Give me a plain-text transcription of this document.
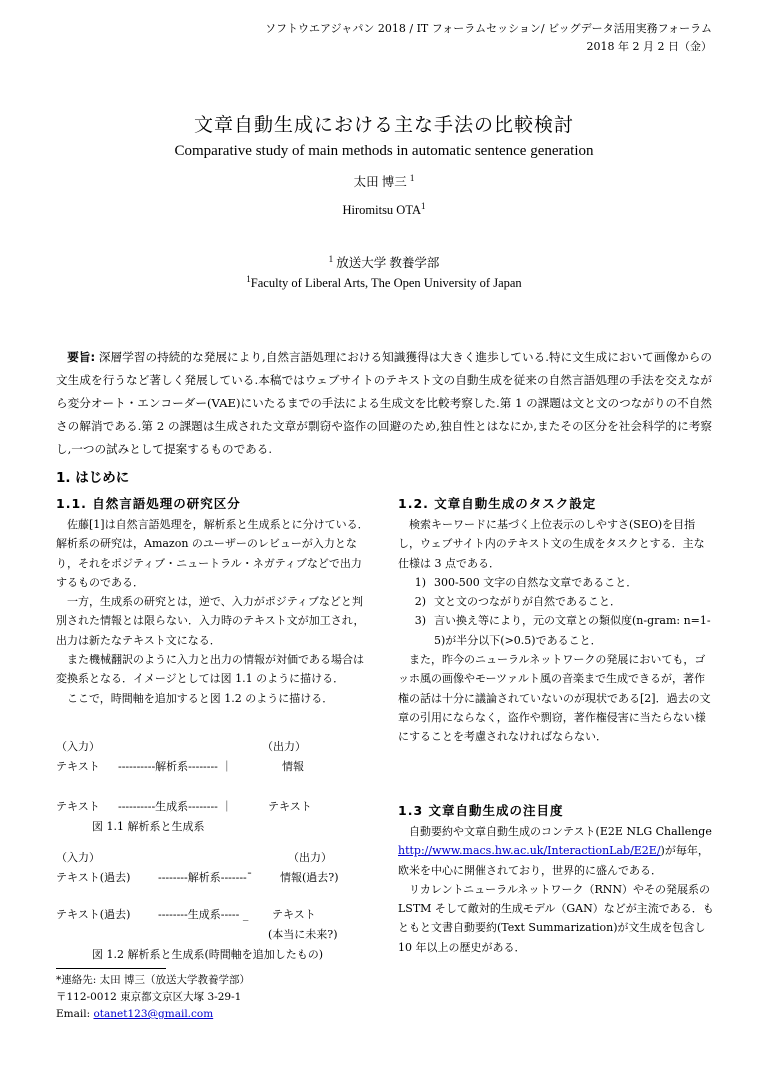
ソフトウエアジャパン 2018 / IT フォーラムセッション/ ビッグデータ活用実務フォーラム
2018 年 2 月 2 日（金）
文章自動生成における主な手法の比較検討
Comparative study of main methods in automatic sentence generation
太田 博三 $^1$
Hiromitsu OTA$^1$
$^1$ 放送大学 教養学部
$^1$Faculty of Liberal Arts, The Open University of Japan
要旨: 深層学習の持続的な発展により,自然言語処理における知識獲得は大きく進歩している.特に文生成において画像からの文生成を行うなど著しく発展している.本稿ではウェブサイトのテキスト文の自動生成を従来の自然言語処理の手法を交えながら変分オート・エンコーダー(VAE)にいたるまでの手法による生成文を比較考察した.第 1 の課題は文と文のつながりの不自然さの解消である.第 2 の課題は生成された文章が剽窃や盗作の回避のため,独自性とはなにか,またその区分を社会科学的に考察し,一つの試みとして提案するものである.
1. はじめに
1.1. 自然言語処理の研究区分

佐藤[1]は自然言語処理を，解析系と生成系とに分けている．解析系の研究は，Amazon のユーザーのレビューが入力となり，それをポジティブ・ニュートラル・ネガティブなどで出力するものである．

一方，生成系の研究とは，逆で、入力がポジティブなどと判別された情報とは限らない．入力時のテキスト文が加工され，出力は新たなテキスト文になる．

また機械翻訳のように入力と出力の情報が対価である場合は変換系となる．イメージとしては図 1.1 のように描ける．

ここで，時間軸を追加すると図 1.2 のように描ける．

（入力）	（出力）
テキスト ----------解析系-------- ｜	情報
テキスト ----------生成系-------- ｜	テキスト
図 1.1 解析系と生成系
（入力）	（出力）
テキスト(過去)	--------解析系-------¯	情報(過去?)
テキスト(過去)	--------生成系----- _ テキスト
(本当に未来?)
図 1.2 解析系と生成系(時間軸を追加したもの)

*連絡先: 太田 博三（放送大学教養学部）

〒112-0012 東京都文京区大塚 3-29-1

Email: otanet123@gmail.com

1.2. 文章自動生成のタスク設定

検索キーワードに基づく上位表示のしやすさ(SEO)を目指し，ウェブサイト内のテキスト文の生成をタスクとする．主な仕様は 3 点である．

1 )	300-500 文字の自然な文章であること．
2 )	文と文のつながりが自然であること．
3 )	言い換え等により，元の文章との類似度(n-gram: n=1-5)が半分以下(>0.5)であること．

また，昨今のニューラルネットワークの発展においても，ゴッホ風の画像やモーツァルト風の音楽まで生成できるが，著作権の話は十分に議論されていないのが現状である[2]．過去の文章の引用にならなく，盗作や剽窃，著作権侵害に当たらない様にすることを考慮されなければならない．

1.3 文章自動生成の注目度

自動要約や文章自動生成のコンテスト(E2E NLG Challenge http://www.macs.hw.ac.uk/InteractionLab/E2E/)が毎年，欧米を中心に開催されており，世界的に盛んである．

リカレントニューラルネットワーク（RNN）やその発展系の LSTM そして敵対的生成モデル（GAN）などが主流である．もともと文書自動要約(Text Summarization)が文生成を包含し 10 年以上の歴史がある．
